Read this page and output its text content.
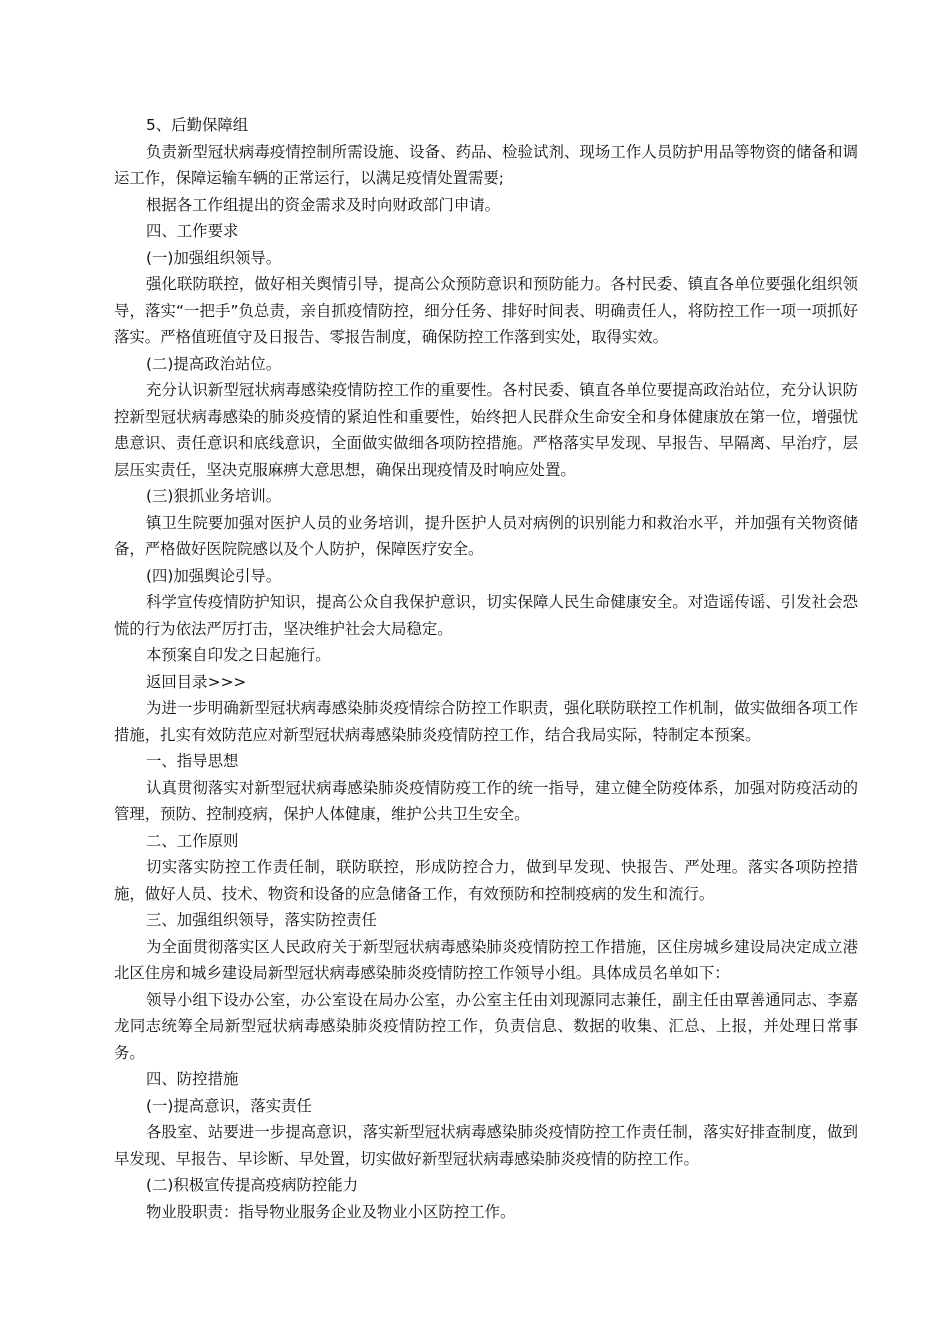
5、后勤保障组

负责新型冠状病毒疫情控制所需设施、设备、药品、检验试剂、现场工作人员防护用品等物资的储备和调运工作，保障运输车辆的正常运行，以满足疫情处置需要;

根据各工作组提出的资金需求及时向财政部门申请。

四、工作要求

(一)加强组织领导。

强化联防联控，做好相关舆情引导，提高公众预防意识和预防能力。各村民委、镇直各单位要强化组织领导，落实“一把手”负总责，亲自抓疫情防控，细分任务、排好时间表、明确责任人，将防控工作一项一项抓好落实。严格值班值守及日报告、零报告制度，确保防控工作落到实处，取得实效。

(二)提高政治站位。

充分认识新型冠状病毒感染疫情防控工作的重要性。各村民委、镇直各单位要提高政治站位，充分认识防控新型冠状病毒感染的肺炎疫情的紧迫性和重要性，始终把人民群众生命安全和身体健康放在第一位，增强忧患意识、责任意识和底线意识，全面做实做细各项防控措施。严格落实早发现、早报告、早隔离、早治疗，层层压实责任，坚决克服麻痹大意思想，确保出现疫情及时响应处置。

(三)狠抓业务培训。

镇卫生院要加强对医护人员的业务培训，提升医护人员对病例的识别能力和救治水平，并加强有关物资储备，严格做好医院院感以及个人防护，保障医疗安全。

(四)加强舆论引导。

科学宣传疫情防护知识，提高公众自我保护意识，切实保障人民生命健康安全。对造谣传谣、引发社会恐慌的行为依法严厉打击，坚决维护社会大局稳定。

本预案自印发之日起施行。

返回目录>>>

为进一步明确新型冠状病毒感染肺炎疫情综合防控工作职责，强化联防联控工作机制，做实做细各项工作措施，扎实有效防范应对新型冠状病毒感染肺炎疫情防控工作，结合我局实际，特制定本预案。

一、指导思想

认真贯彻落实对新型冠状病毒感染肺炎疫情防疫工作的统一指导，建立健全防疫体系，加强对防疫活动的管理，预防、控制疫病，保护人体健康，维护公共卫生安全。

二、工作原则

切实落实防控工作责任制，联防联控，形成防控合力，做到早发现、快报告、严处理。落实各项防控措施，做好人员、技术、物资和设备的应急储备工作，有效预防和控制疫病的发生和流行。

三、加强组织领导，落实防控责任

为全面贯彻落实区人民政府关于新型冠状病毒感染肺炎疫情防控工作措施，区住房城乡建设局决定成立港北区住房和城乡建设局新型冠状病毒感染肺炎疫情防控工作领导小组。具体成员名单如下：

领导小组下设办公室，办公室设在局办公室，办公室主任由刘现源同志兼任，副主任由覃善通同志、李嘉龙同志统筹全局新型冠状病毒感染肺炎疫情防控工作，负责信息、数据的收集、汇总、上报，并处理日常事务。

四、防控措施

(一)提高意识，落实责任

各股室、站要进一步提高意识，落实新型冠状病毒感染肺炎疫情防控工作责任制，落实好排查制度，做到早发现、早报告、早诊断、早处置，切实做好新型冠状病毒感染肺炎疫情的防控工作。

(二)积极宣传提高疫病防控能力

物业股职责：指导物业服务企业及物业小区防控工作。
